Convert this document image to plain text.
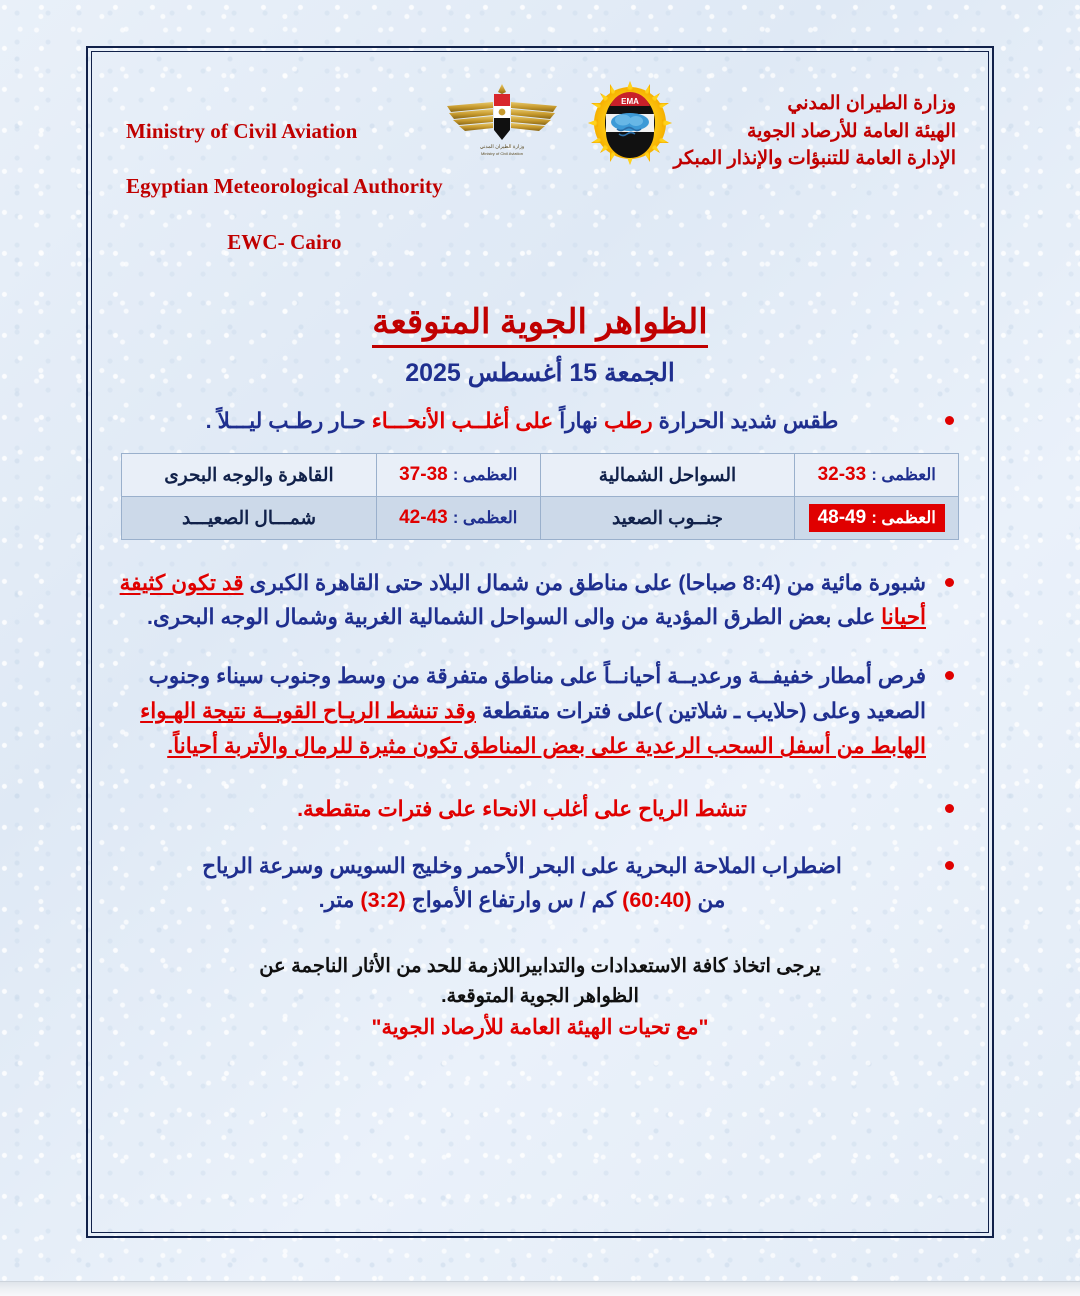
Ministry of Civil Aviation

Egyptian Meteorological Authority

EWC- Cairo

وزارة الطيران المدني
Ministry of Civil Aviation
EMA	وزارة الطيران المدني
الهيئة العامة للأرصاد الجوية
الإدارة العامة للتنبؤات والإنذار المبكر
الظواهر الجوية المتوقعة
الجمعة 15 أغسطس 2025
طقس شديد الحرارة رطب نهاراً على أغلــب الأنحـــاء حـار رطـب ليـــلاً .
العظمى : 33-32	السواحل الشمالية	العظمى : 38-37	القاهرة والوجه البحرى
العظمى : 49-48	جنــوب الصعيد	العظمى : 43-42	شمـــال الصعيـــد
شبورة مائية من (8:4 صباحا) على مناطق من شمال البلاد حتى القاهرة الكبرى قد تكون كثيفة أحيانا على بعض الطرق المؤدية من والى السواحل الشمالية الغربية وشمال الوجه البحرى.
فرص أمطار خفيفــة ورعديــة أحيانــاً على مناطق متفرقة من وسط وجنوب سيناء وجنوب الصعيد وعلى (حلايب ـ شلاتين )على فترات متقطعة وقد تنشط الريـاح القويــة نتيجة الهـواء الهابط من أسفل السحب الرعدية على بعض المناطق تكون مثيرة للرمال والأتربة أحياناً.
تنشط الرياح على أغلب الانحاء على فترات متقطعة.
اضطراب الملاحة البحرية على البحر الأحمر وخليج السويس وسرعة الرياح
من (60:40) كم / س وارتفاع الأمواج (3:2) متر.
يرجى اتخاذ كافة الاستعدادات والتدابيراللازمة للحد من الأثار الناجمة عن
الظواهر الجوية المتوقعة.
"مع تحيات الهيئة العامة للأرصاد الجوية"
